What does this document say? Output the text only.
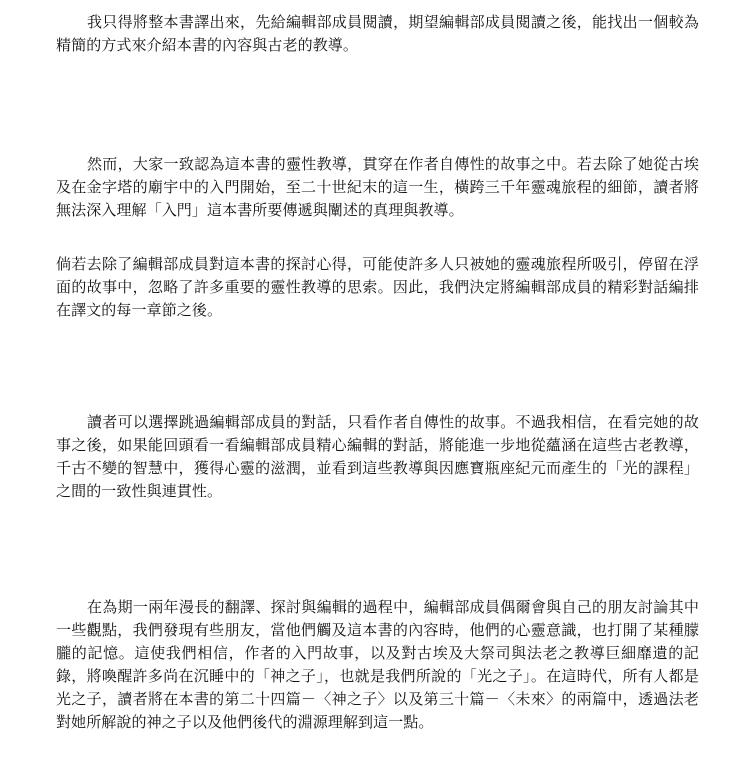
我只得將整本書譯出來，先給編輯部成員閱讀，期望編輯部成員閱讀之後，能找出一個較為精簡的方式來介紹本書的內容與古老的教導。

然而，大家一致認為這本書的靈性教導，貫穿在作者自傳性的故事之中。若去除了她從古埃及在金字塔的廟宇中的入門開始，至二十世紀末的這一生，橫跨三千年靈魂旅程的細節，讀者將無法深入理解「入門」這本書所要傳遞與闡述的真理與教導。

倘若去除了編輯部成員對這本書的探討心得，可能使許多人只被她的靈魂旅程所吸引，停留在浮面的故事中，忽略了許多重要的靈性教導的思索。因此，我們決定將編輯部成員的精彩對話編排在譯文的每一章節之後。

讀者可以選擇跳過編輯部成員的對話，只看作者自傳性的故事。不過我相信，在看完她的故事之後，如果能回頭看一看編輯部成員精心編輯的對話，將能進一步地從蘊涵在這些古老教導，千古不變的智慧中，獲得心靈的滋潤，並看到這些教導與因應寶瓶座紀元而產生的「光的課程」之間的一致性與連貫性。

在為期一兩年漫長的翻譯、探討與編輯的過程中，編輯部成員偶爾會與自己的朋友討論其中一些觀點，我們發現有些朋友，當他們觸及這本書的內容時，他們的心靈意識，也打開了某種朦朧的記憶。這使我們相信，作者的入門故事，以及對古埃及大祭司與法老之教導巨細靡遺的記錄，將喚醒許多尚在沉睡中的「神之子」，也就是我們所說的「光之子」。在這時代，所有人都是光之子，讀者將在本書的第二十四篇－〈神之子〉以及第三十篇－〈未來〉的兩篇中，透過法老對她所解說的神之子以及他們後代的淵源理解到這一點。
